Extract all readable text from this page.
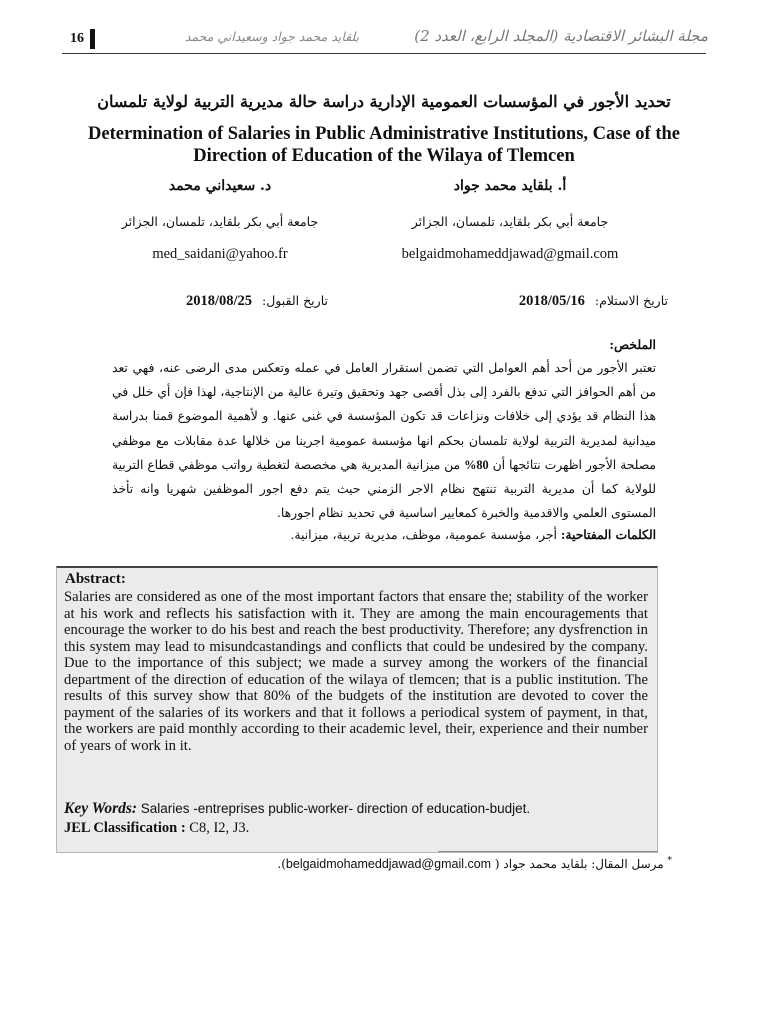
16	بلقايد محمد جواد وسعيداني محمد	مجلة البشائر الاقتصادية (المجلد الرابع، العدد 2)
تحديد الأجور في المؤسسات العمومية الإدارية دراسة حالة مديرية التربية لولاية تلمسان
Determination of Salaries in Public Administrative Institutions, Case of the Direction of Education of the Wilaya of Tlemcen
أ. بلقايد محمد جواد
جامعة أبي بكر بلقايد، تلمسان، الجزائر
belgaidmohameddjawad@gmail.com
د. سعيداني محمد
جامعة أبي بكر بلقايد، تلمسان، الجزائر
med_saidani@yahoo.fr
تاريخ الاستلام: 2018/05/16
تاريخ القبول: 2018/08/25
الملخص:
تعتبر الأجور من أحد أهم العوامل التي تضمن استقرار العامل في عمله وتعكس مدى الرضى عنه، فهي تعد من أهم الحوافز التي تدفع بالفرد إلى بذل أقصى جهد وتحقيق وتيرة عالية من الإنتاجية، لهذا فإن أي خلل في هذا النظام قد يؤدي إلى خلافات ونزاعات قد تكون المؤسسة في غنى عنها. و لأهمية الموضوع قمنا بدراسة ميدانية لمديرية التربية لولاية تلمسان بحكم انها مؤسسة عمومية اجرينا من خلالها عدة مقابلات مع موظفي مصلحة الأجور اظهرت نتائجها أن 80% من ميزانية المديرية هي مخصصة لتغطية رواتب موظفي قطاع التربية للولاية كما أن مديرية التربية تنتهج نظام الاجر الزمني حيث يتم دفع اجور الموظفين شهريا وانه تأخذ المستوى العلمي والاقدمية والخبرة كمعايير اساسية في تحديد نظام اجورها.
الكلمات المفتاحية: أجر، مؤسسة عمومية، موظف، مديرية تربية، ميزانية.
Abstract:
Salaries are considered as one of the most important factors that ensare the; stability of the worker at his work and reflects his satisfaction with it. They are among the main encouragements that encourage the worker to do his best and reach the best productivity. Therefore; any dysfrenction in this system may lead to misundcastandings and conflicts that could be undesired by the company. Due to the importance of this subject; we made a survey among the workers of the financial department of the direction of education of the wilaya of tlemcen; that is a public institution. The results of this survey show that 80% of the budgets of the institution are devoted to cover the payment of the salaries of its workers and that it follows a periodical system of payment, in that, the workers are paid monthly according to their academic level, their, experience and their number of years of work in it.
Key Words: Salaries -entreprises public-worker- direction of education-budjet.
JEL Classification : C8, I2, J3.
* مرسل المقال: بلقايد محمد جواد ( belgaidmohameddjawad@gmail.com).
